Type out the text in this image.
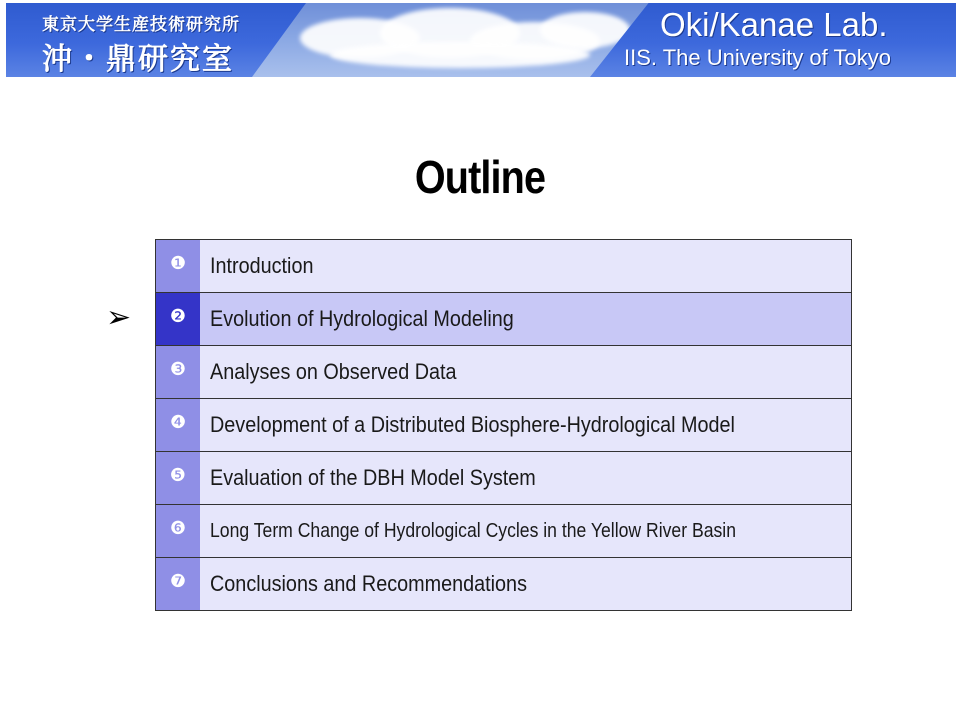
東京大学生産技術研究所
沖・鼎研究室
Oki/Kanae Lab.
IIS. The University of Tokyo
Outline
➢
❶	Introduction
❷	Evolution of Hydrological Modeling
❸	Analyses on Observed Data
❹	Development of a Distributed Biosphere-Hydrological Model
❺	Evaluation of the DBH Model System
❻	Long Term Change of Hydrological Cycles in the Yellow River Basin
❼	Conclusions and Recommendations
